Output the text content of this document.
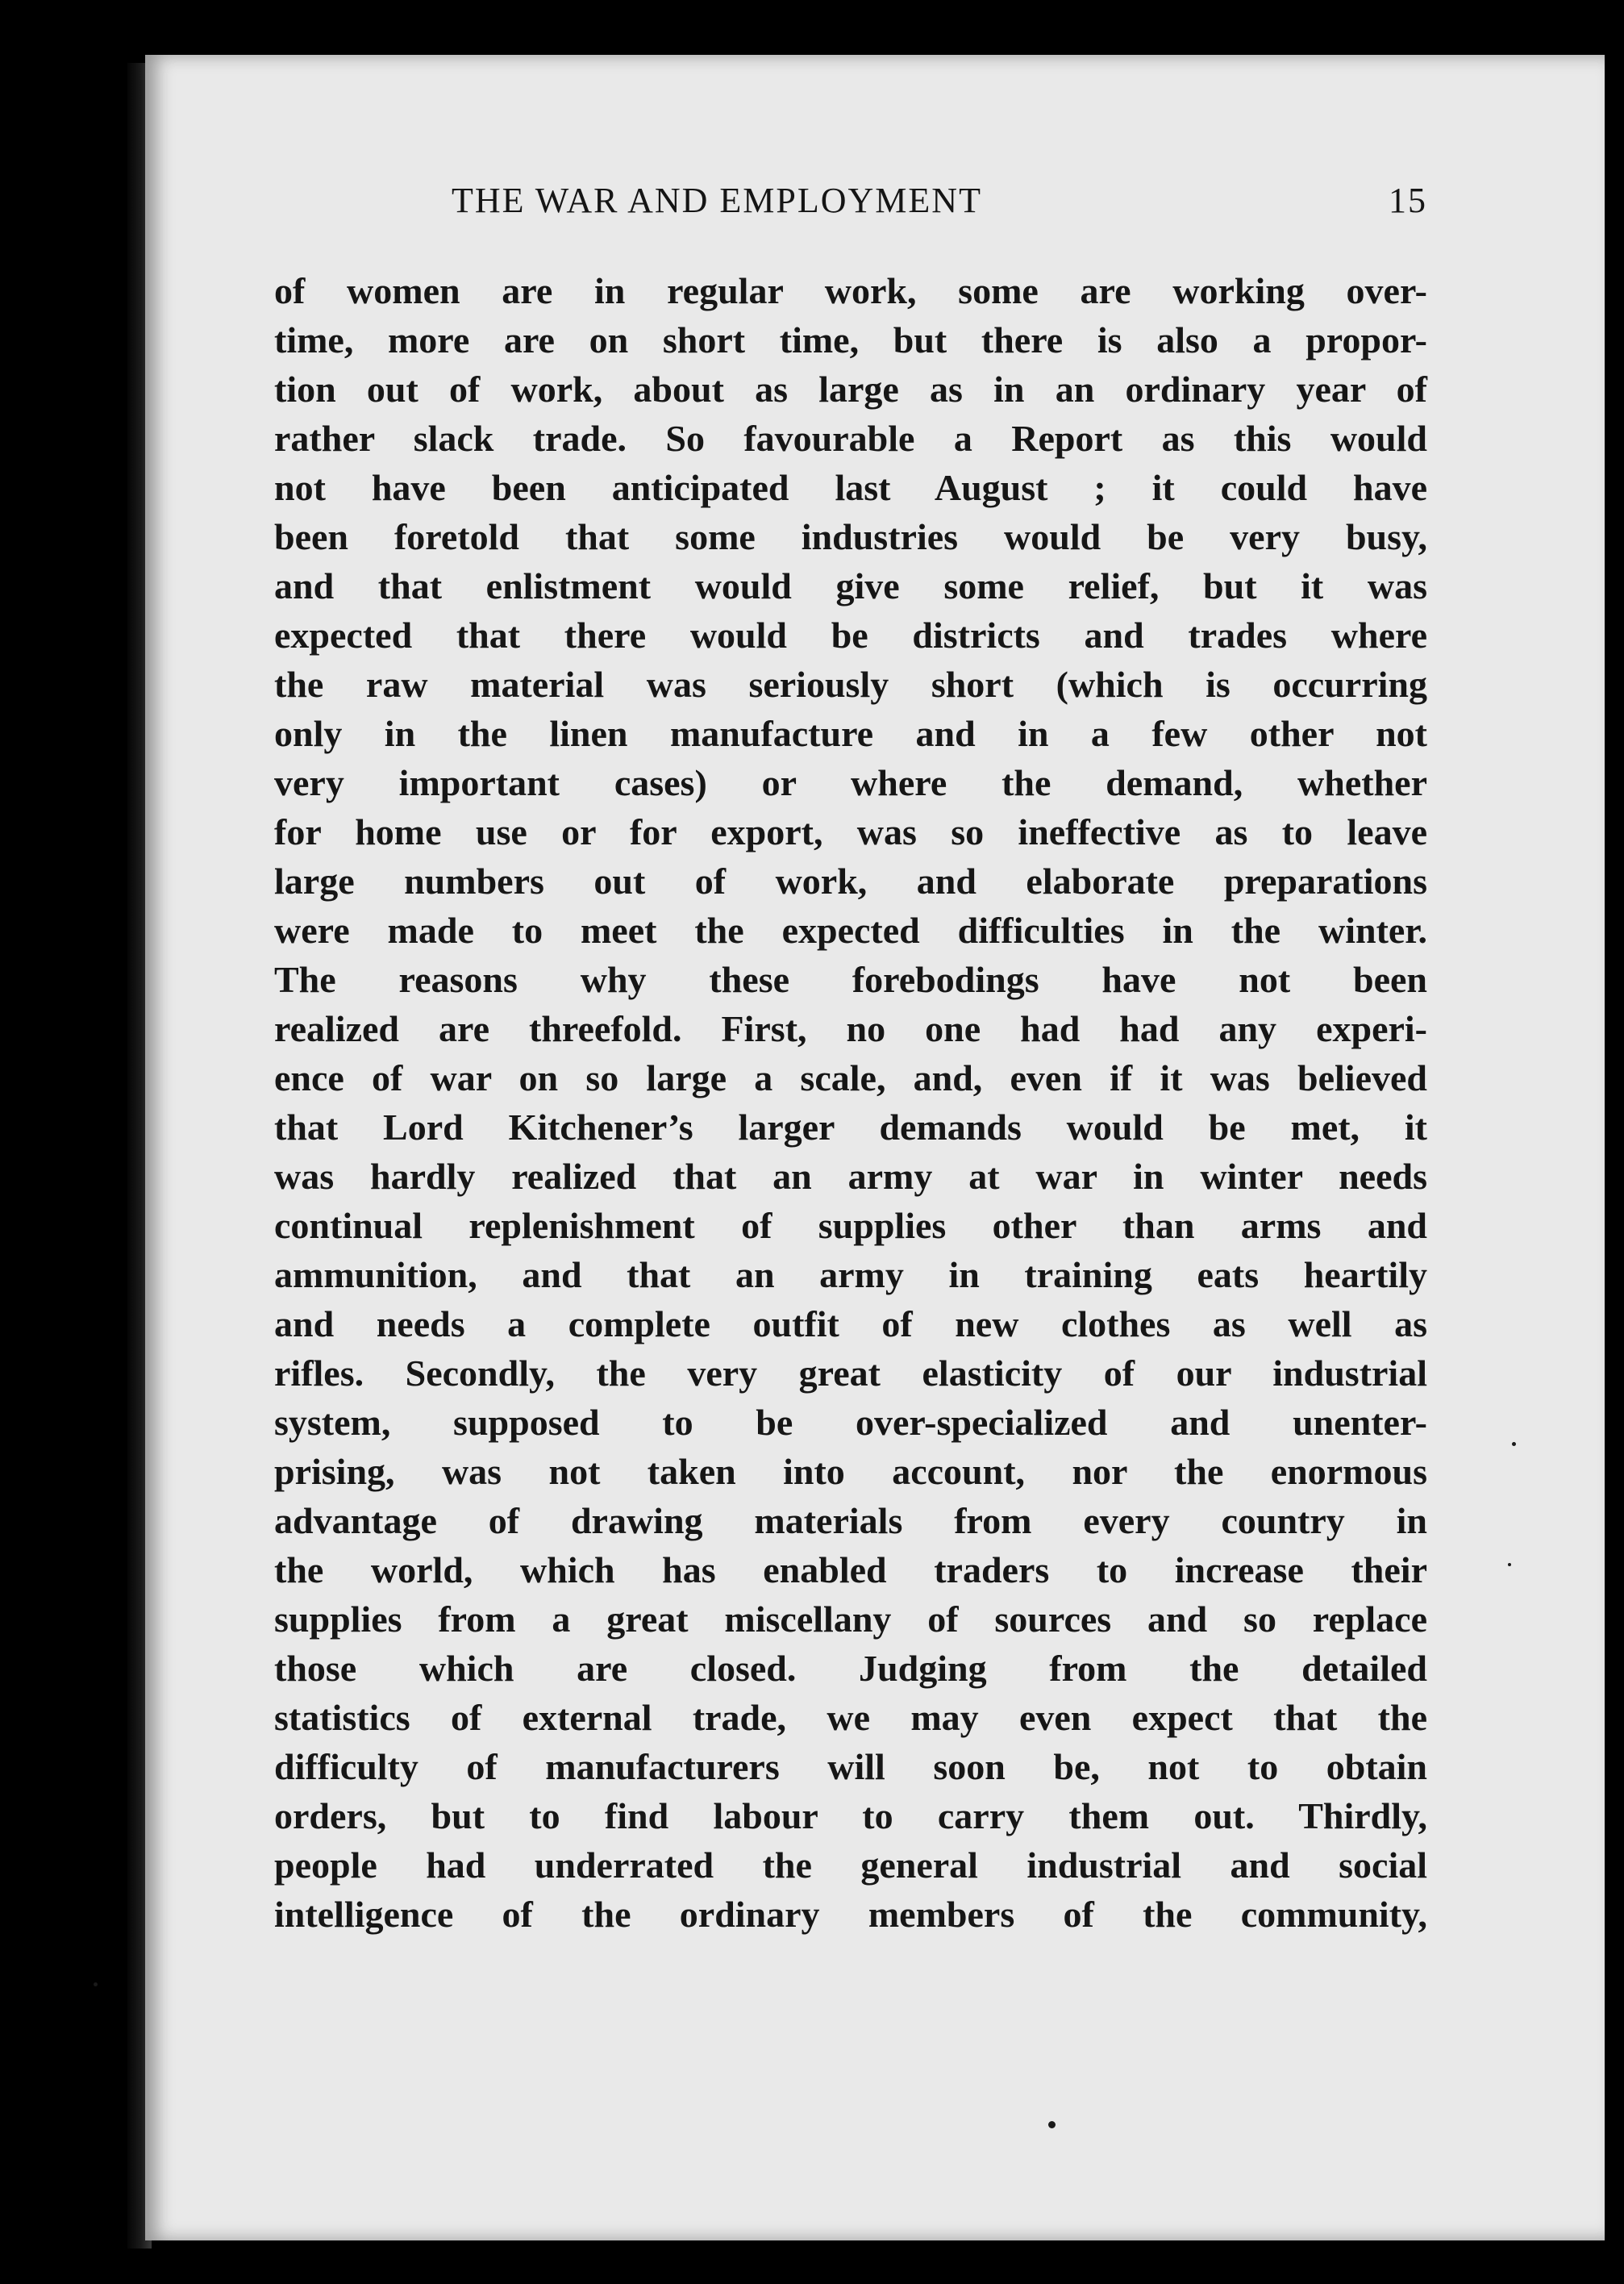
THE WAR AND EMPLOYMENT	15
of women are in regular work, some are working over-
time, more are on short time, but there is also a propor-
tion out of work, about as large as in an ordinary year of
rather slack trade. So favourable a Report as this would
not have been anticipated last August ; it could have
been foretold that some industries would be very busy,
and that enlistment would give some relief, but it was
expected that there would be districts and trades where
the raw material was seriously short (which is occurring
only in the linen manufacture and in a few other not
very important cases) or where the demand, whether
for home use or for export, was so ineffective as to leave
large numbers out of work, and elaborate preparations
were made to meet the expected difficulties in the winter.
The reasons why these forebodings have not been
realized are threefold. First, no one had had any experi-
ence of war on so large a scale, and, even if it was believed
that Lord Kitchener’s larger demands would be met, it
was hardly realized that an army at war in winter needs
continual replenishment of supplies other than arms and
ammunition, and that an army in training eats heartily
and needs a complete outfit of new clothes as well as
rifles. Secondly, the very great elasticity of our industrial
system, supposed to be over-specialized and unenter-
prising, was not taken into account, nor the enormous
advantage of drawing materials from every country in
the world, which has enabled traders to increase their
supplies from a great miscellany of sources and so replace
those which are closed. Judging from the detailed
statistics of external trade, we may even expect that the
difficulty of manufacturers will soon be, not to obtain
orders, but to find labour to carry them out. Thirdly,
people had underrated the general industrial and social
intelligence of the ordinary members of the community,
